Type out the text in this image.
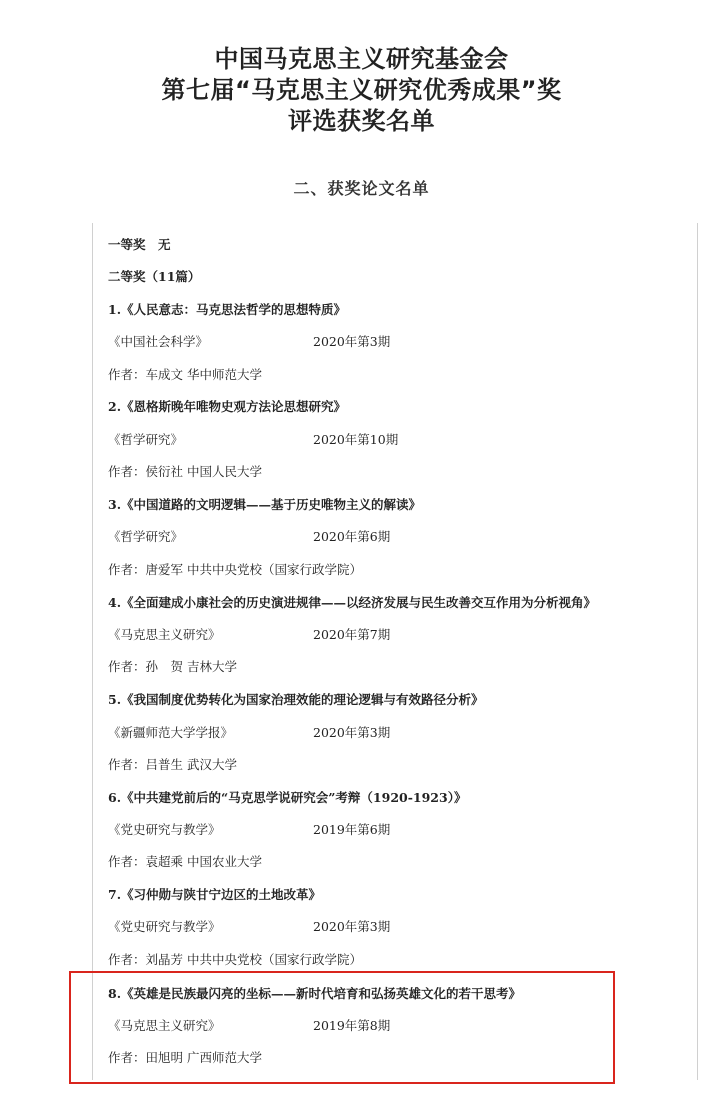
中国马克思主义研究基金会
第七届“马克思主义研究优秀成果”奖
评选获奖名单
二、获奖论文名单
一等奖　无
二等奖（11篇）
1.《人民意志：马克思法哲学的思想特质》
《中国社会科学》	2020年第3期
作者：车成文 华中师范大学
2.《恩格斯晚年唯物史观方法论思想研究》
《哲学研究》	2020年第10期
作者：侯衍社 中国人民大学
3.《中国道路的文明逻辑——基于历史唯物主义的解读》
《哲学研究》	2020年第6期
作者：唐爱军 中共中央党校（国家行政学院）
4.《全面建成小康社会的历史演进规律——以经济发展与民生改善交互作用为分析视角》
《马克思主义研究》	2020年第7期
作者：孙　贺 吉林大学
5.《我国制度优势转化为国家治理效能的理论逻辑与有效路径分析》
《新疆师范大学学报》	2020年第3期
作者：吕普生 武汉大学
6.《中共建党前后的“马克思学说研究会”考辩（1920-1923）》
《党史研究与教学》	2019年第6期
作者：袁超乘 中国农业大学
7.《习仲勋与陕甘宁边区的土地改革》
《党史研究与教学》	2020年第3期
作者：刘晶芳 中共中央党校（国家行政学院）
8.《英雄是民族最闪亮的坐标——新时代培育和弘扬英雄文化的若干思考》
《马克思主义研究》	2019年第8期
作者：田旭明 广西师范大学
